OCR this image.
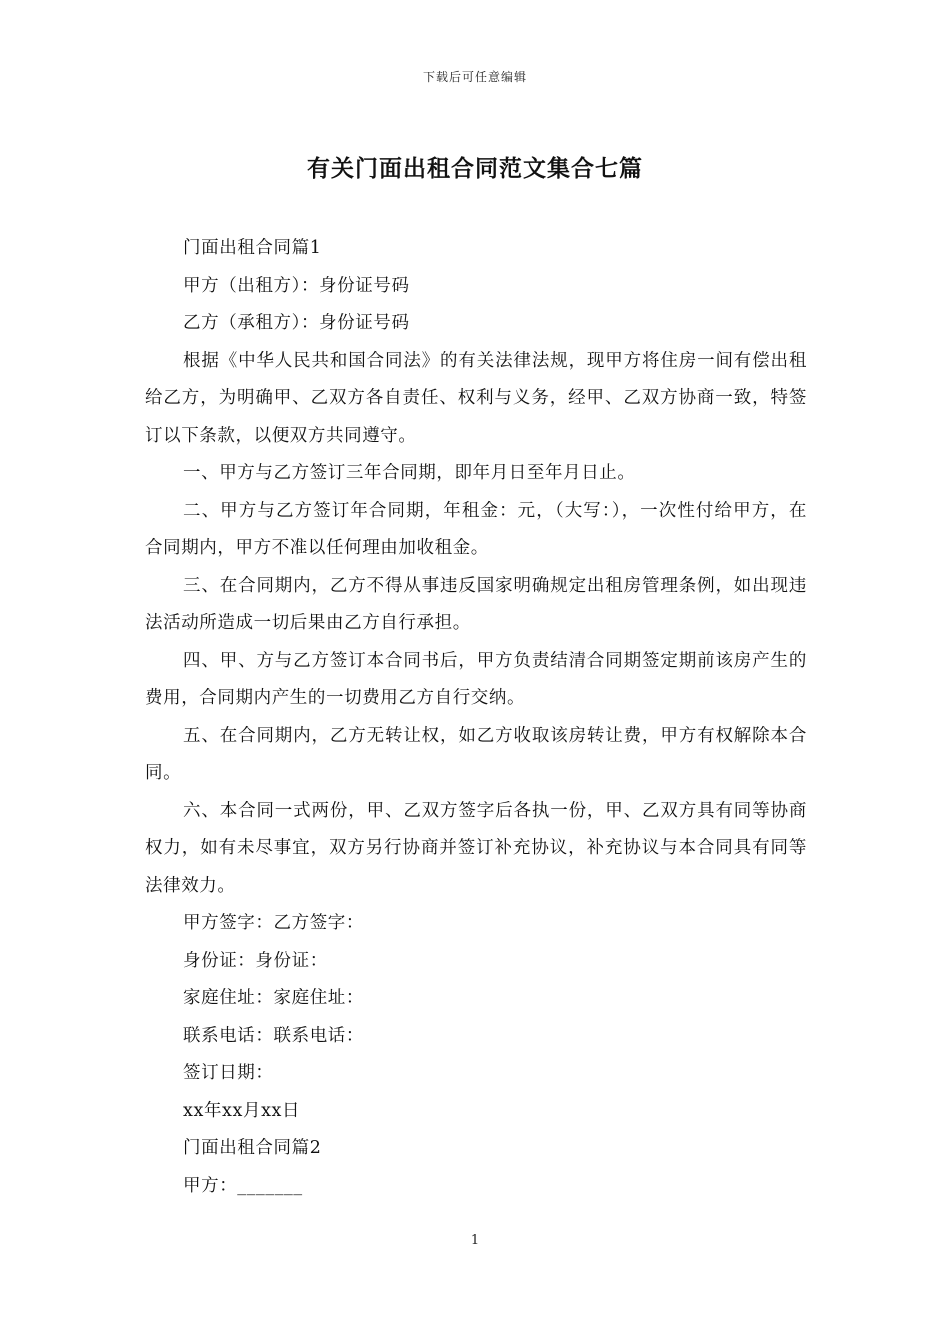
下载后可任意编辑
有关门面出租合同范文集合七篇

门面出租合同篇1

甲方（出租方）：身份证号码

乙方（承租方）：身份证号码

根据《中华人民共和国合同法》的有关法律法规，现甲方将住房一间有偿出租给乙方，为明确甲、乙双方各自责任、权利与义务，经甲、乙双方协商一致，特签订以下条款，以便双方共同遵守。

一、甲方与乙方签订三年合同期，即年月日至年月日止。

二、甲方与乙方签订年合同期，年租金：元，（大写：），一次性付给甲方，在合同期内，甲方不准以任何理由加收租金。

三、在合同期内，乙方不得从事违反国家明确规定出租房管理条例，如出现违法活动所造成一切后果由乙方自行承担。

四、甲、方与乙方签订本合同书后，甲方负责结清合同期签定期前该房产生的费用，合同期内产生的一切费用乙方自行交纳。

五、在合同期内，乙方无转让权，如乙方收取该房转让费，甲方有权解除本合同。

六、本合同一式两份，甲、乙双方签字后各执一份，甲、乙双方具有同等协商权力，如有未尽事宜，双方另行协商并签订补充协议，补充协议与本合同具有同等法律效力。

甲方签字：乙方签字：

身份证：身份证：

家庭住址：家庭住址：

联系电话：联系电话：

签订日期：

xx年xx月xx日

门面出租合同篇2

甲方：_______

1
